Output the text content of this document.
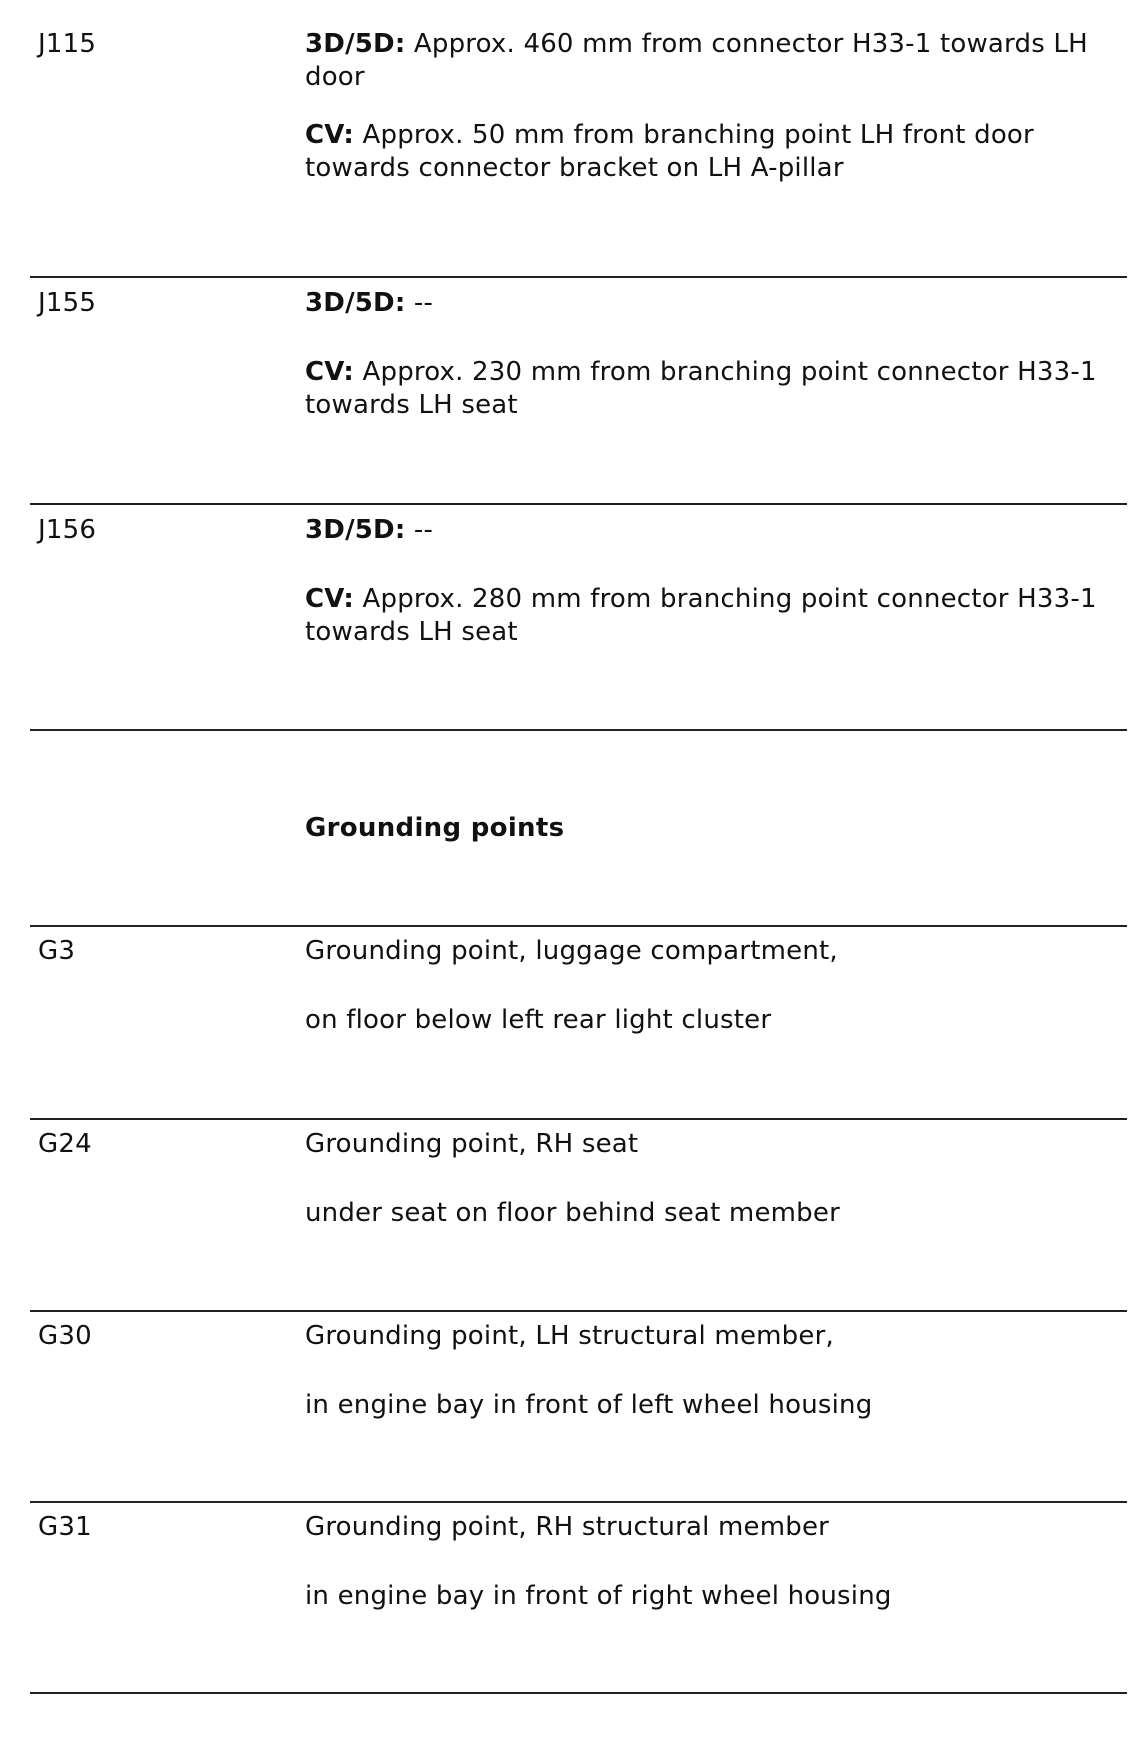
J115	3D/5D: Approx. 460 mm from connector H33-1 towards LH door
CV: Approx. 50 mm from branching point LH front door towards connector bracket on LH A-pillar
J155	3D/5D: --
CV: Approx. 230 mm from branching point connector H33-1 towards LH seat
J156	3D/5D: --
CV: Approx. 280 mm from branching point connector H33-1 towards LH seat
Grounding points
G3	Grounding point, luggage compartment,
on floor below left rear light cluster
G24	Grounding point, RH seat
under seat on floor behind seat member
G30	Grounding point, LH structural member,
in engine bay in front of left wheel housing
G31	Grounding point, RH structural member
in engine bay in front of right wheel housing
